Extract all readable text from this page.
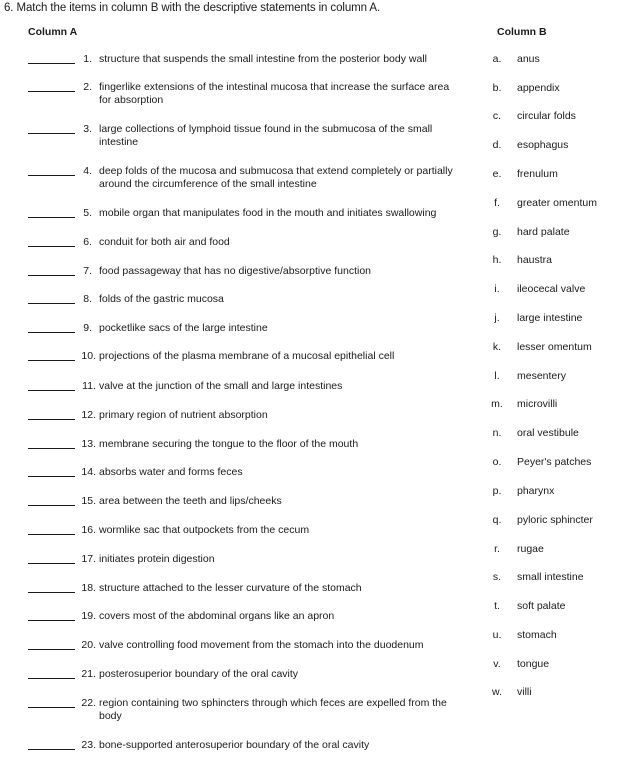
6. Match the items in column B with the descriptive statements in column A.
Column A	Column B
1. structure that suspends the small intestine from the posterior body wall
2. fingerlike extensions of the intestinal mucosa that increase the surface area for absorption
3. large collections of lymphoid tissue found in the submucosa of the small intestine
4. deep folds of the mucosa and submucosa that extend completely or partially around the circumference of the small intestine
5. mobile organ that manipulates food in the mouth and initiates swallowing
6. conduit for both air and food
7. food passageway that has no digestive/absorptive function
8. folds of the gastric mucosa
9. pocketlike sacs of the large intestine
10. projections of the plasma membrane of a mucosal epithelial cell
11. valve at the junction of the small and large intestines
12. primary region of nutrient absorption
13. membrane securing the tongue to the floor of the mouth
14. absorbs water and forms feces
15. area between the teeth and lips/cheeks
16. wormlike sac that outpockets from the cecum
17. initiates protein digestion
18. structure attached to the lesser curvature of the stomach
19. covers most of the abdominal organs like an apron
20. valve controlling food movement from the stomach into the duodenum
21. posterosuperior boundary of the oral cavity
22. region containing two sphincters through which feces are expelled from the body
23. bone-supported anterosuperior boundary of the oral cavity
a. anus
b. appendix
c. circular folds
d. esophagus
e. frenulum
f.	greater omentum
g. hard palate
h. haustra
i.	ileocecal valve
j.	large intestine
k. lesser omentum
l.	mesentery
m. microvilli
n. oral vestibule
o. Peyer's patches
p. pharynx
q. pyloric sphincter
r.	rugae
s. small intestine
t.	soft palate
u. stomach
v.	tongue
w. villi
